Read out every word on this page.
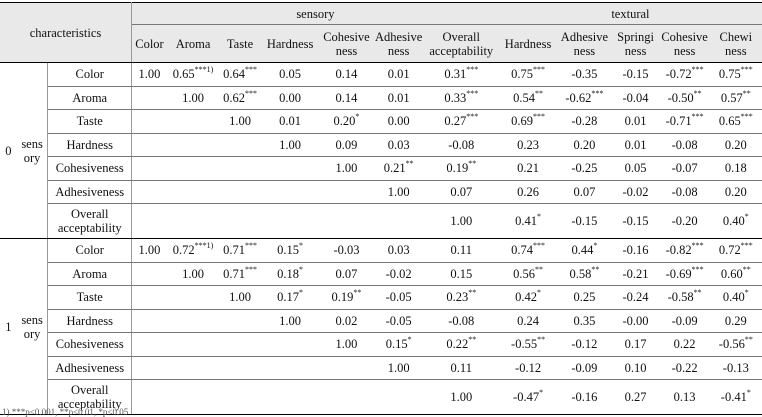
characteristics			sensory							textural				
			Color	Aroma	Taste	Hardness	Cohesive ness	Adhesive ness	Overall acceptability	Hardness	Adhesive ness	Springi ness	Cohesive ness	Chewi ness
0	sens ory	Color	1.00	0.65$^{***1)}$	0.64***	0.05	0.14	0.01	0.31***	0.75***	-0.35	-0.15	-0.72***	0.75***
		Aroma		1.00	0.62***	0.00	0.14	0.01	0.33***	0.54**	-0.62***	-0.04	-0.50**	0.57**
		Taste			1.00	0.01	0.20*	0.00	0.27***	0.69***	-0.28	0.01	-0.71***	0.65***
		Hardness				1.00	0.09	0.03	-0.08	0.23	0.20	0.01	-0.08	0.20
		Cohesiveness					1.00	0.21**	0.19**	0.21	-0.25	0.05	-0.07	0.18
		Adhesiveness						1.00	0.07	0.26	0.07	-0.02	-0.08	0.20
		Overall acceptability							1.00	0.41*	-0.15	-0.15	-0.20	0.40*
1	sens ory	Color	1.00	0.72$^{***1)}$	0.71***	0.15*	-0.03	0.03	0.11	0.74***	0.44*	-0.16	-0.82***	0.72***
		Aroma		1.00	0.71***	0.18*	0.07	-0.02	0.15	0.56**	0.58**	-0.21	-0.69***	0.60**
		Taste			1.00	0.17*	0.19**	-0.05	0.23**	0.42*	0.25	-0.24	-0.58**	0.40*
		Hardness				1.00	0.02	-0.05	-0.08	0.24	0.35	-0.00	-0.09	0.29
		Cohesiveness					1.00	0.15*	0.22**	-0.55**	-0.12	0.17	0.22	-0.56**
		Adhesiveness						1.00	0.11	-0.12	-0.09	0.10	-0.22	-0.13
		Overall acceptability							1.00	-0.47*	-0.16	0.27	0.13	-0.41*
1) ***p<0.001, **p<0.01, *p<0.05
